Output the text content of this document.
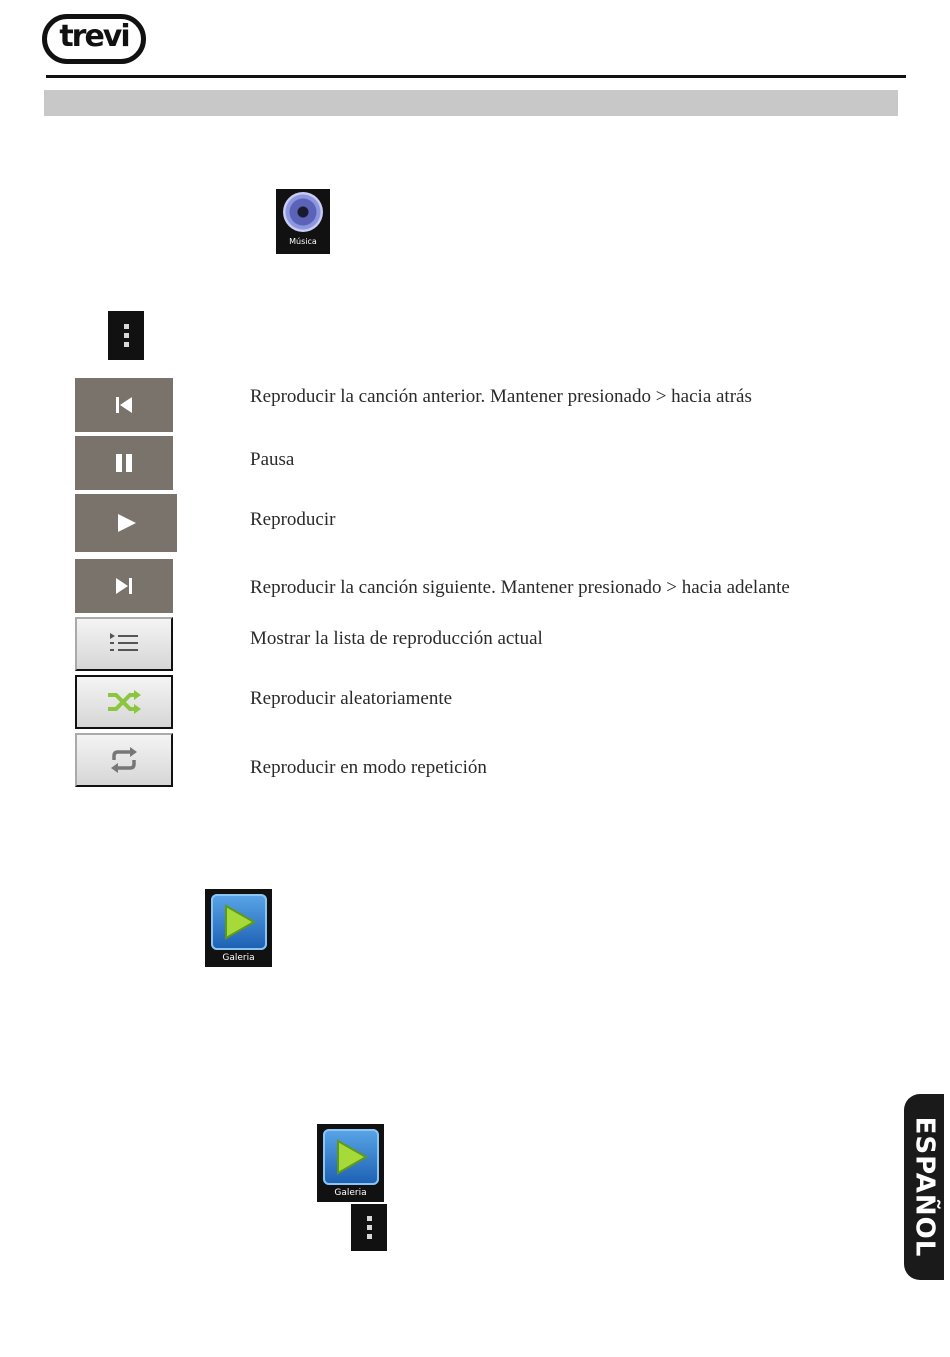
trevi
Música
Reproducir la canción anterior. Mantener presionado > hacia atrás
Pausa
Reproducir
Reproducir la canción siguiente. Mantener presionado > hacia adelante
Mostrar la lista de reproducción actual
Reproducir aleatoriamente
Reproducir en modo repetición
Galeria
Galeria	ESPAÑOL
